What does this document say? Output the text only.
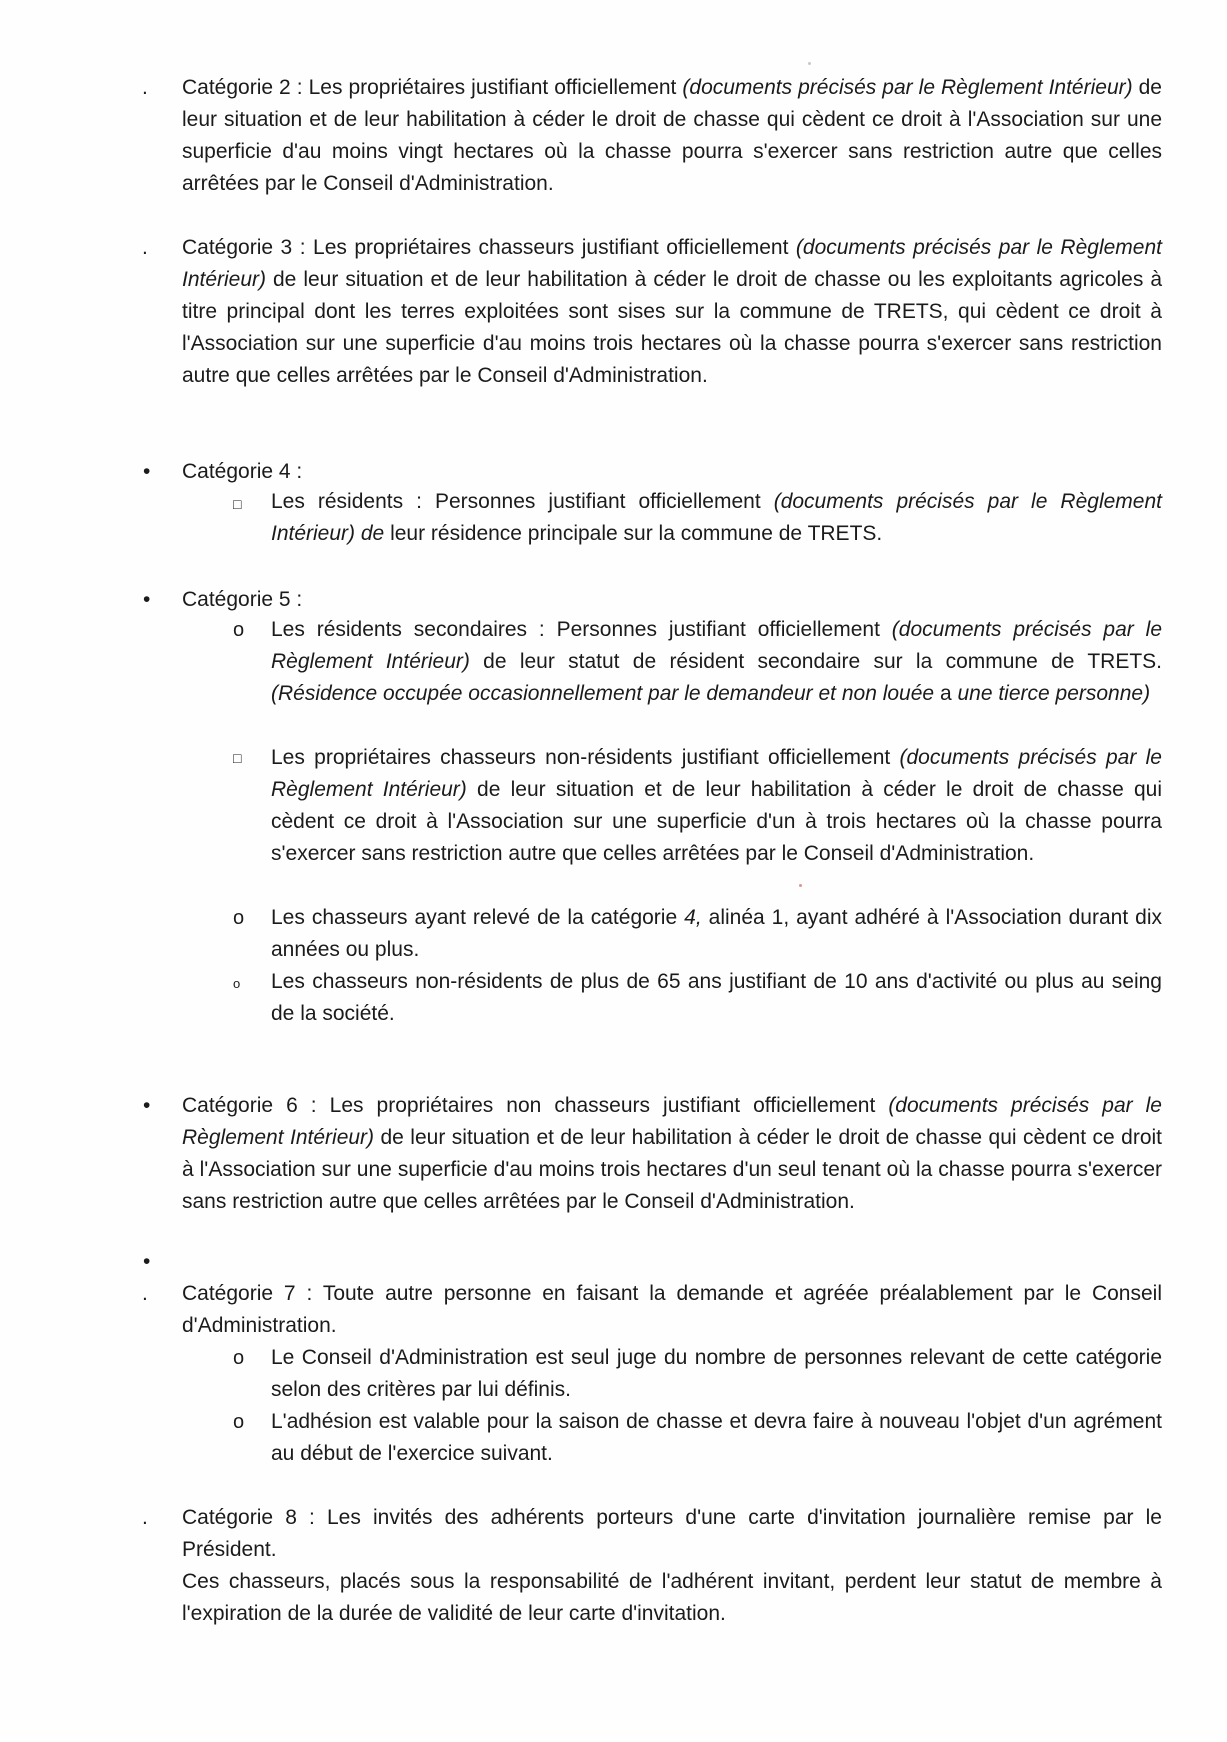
. Catégorie 2 : Les propriétaires justifiant officiellement (documents précisés par le Règlement Intérieur) de leur situation et de leur habilitation à céder le droit de chasse qui cèdent ce droit à l'Association sur une superficie d'au moins vingt hectares où la chasse pourra s'exercer sans restriction autre que celles arrêtées par le Conseil d'Administration.
. Catégorie 3 : Les propriétaires chasseurs justifiant officiellement (documents précisés par le Règlement Intérieur) de leur situation et de leur habilitation à céder le droit de chasse ou les exploitants agricoles à titre principal dont les terres exploitées sont sises sur la commune de TRETS, qui cèdent ce droit à l'Association sur une superficie d'au moins trois hectares où la chasse pourra s'exercer sans restriction autre que celles arrêtées par le Conseil d'Administration.
• Catégorie 4 :
□ Les résidents : Personnes justifiant officiellement (documents précisés par le Règlement Intérieur) de leur résidence principale sur la commune de TRETS.
• Catégorie 5 :
o Les résidents secondaires : Personnes justifiant officiellement (documents précisés par le Règlement Intérieur) de leur statut de résident secondaire sur la commune de TRETS. (Résidence occupée occasionnellement par le demandeur et non louée a une tierce personne)
□ Les propriétaires chasseurs non-résidents justifiant officiellement (documents précisés par le Règlement Intérieur) de leur situation et de leur habilitation à céder le droit de chasse qui cèdent ce droit à l'Association sur une superficie d'un à trois hectares où la chasse pourra s'exercer sans restriction autre que celles arrêtées par le Conseil d'Administration.
o Les chasseurs ayant relevé de la catégorie 4, alinéa 1, ayant adhéré à l'Association durant dix années ou plus.
o Les chasseurs non-résidents de plus de 65 ans justifiant de 10 ans d'activité ou plus au seing de la société.
• Catégorie 6 : Les propriétaires non chasseurs justifiant officiellement (documents précisés par le Règlement Intérieur) de leur situation et de leur habilitation à céder le droit de chasse qui cèdent ce droit à l'Association sur une superficie d'au moins trois hectares d'un seul tenant où la chasse pourra s'exercer sans restriction autre que celles arrêtées par le Conseil d'Administration.
•
. Catégorie 7 : Toute autre personne en faisant la demande et agréée préalablement par le Conseil d'Administration.
o Le Conseil d'Administration est seul juge du nombre de personnes relevant de cette catégorie selon des critères par lui définis.
o L'adhésion est valable pour la saison de chasse et devra faire à nouveau l'objet d'un agrément au début de l'exercice suivant.
. Catégorie 8 : Les invités des adhérents porteurs d'une carte d'invitation journalière remise par le Président.
Ces chasseurs, placés sous la responsabilité de l'adhérent invitant, perdent leur statut de membre à l'expiration de la durée de validité de leur carte d'invitation.
